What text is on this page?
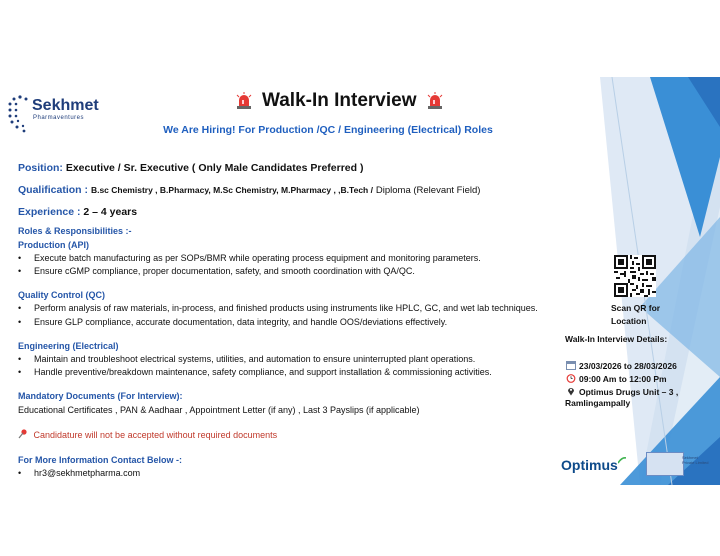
Sekhmet
Pharmaventures
Walk-In Interview
We Are Hiring! For Production /QC / Engineering (Electrical) Roles
Position: Executive / Sr. Executive ( Only Male Candidates Preferred )
Qualification : B.sc Chemistry , B.Pharmacy, M.Sc Chemistry, M.Pharmacy , ,B.Tech / Diploma (Relevant Field)
Experience : 2 – 4 years
Roles & Responsibilities :-
Production (API)
• Execute batch manufacturing as per SOPs/BMR while operating process equipment and monitoring parameters.
• Ensure cGMP compliance, proper documentation, safety, and smooth coordination with QA/QC.
Quality Control (QC)
• Perform analysis of raw materials, in-process, and finished products using instruments like HPLC, GC, and wet lab techniques.
• Ensure GLP compliance, accurate documentation, data integrity, and handle OOS/deviations effectively.
Engineering (Electrical)
• Maintain and troubleshoot electrical systems, utilities, and automation to ensure uninterrupted plant operations.
• Handle preventive/breakdown maintenance, safety compliance, and support installation & commissioning activities.
Mandatory Documents (For Interview):
Educational Certificates , PAN & Aadhaar , Appointment Letter (if any) , Last 3 Payslips (if applicable)
Candidature will not be accepted without required documents
For More Information Contact Below -:
• hr3@sekhmetpharma.com
Scan QR for
Location
Walk-In Interview Details:
23/03/2026 to 28/03/2026
09:00 Am to 12:00 Pm
Optimus Drugs Unit – 3 ,
Ramlingampally
Optimus	Sekhmet
Private Limited
